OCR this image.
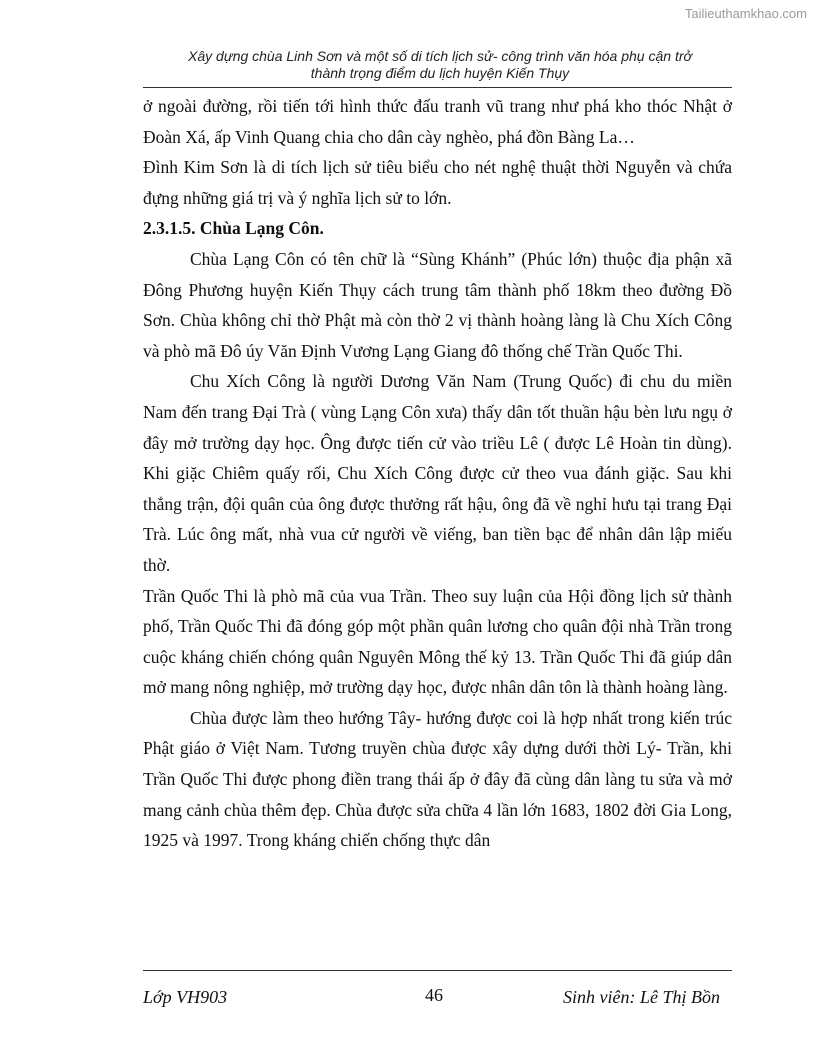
Tailieuthamkhao.com
Xây dựng chùa Linh Sơn và một số di tích lịch sử- công trình văn hóa phụ cận trở
thành trọng điểm du lịch huyện Kiến Thụy

ở ngoài đường, rồi tiến tới hình thức đấu tranh vũ trang như phá kho thóc Nhật ở Đoàn Xá, ấp Vinh Quang chia cho dân cày nghèo, phá đồn Bàng La…

Đình Kim Sơn là di tích lịch sử tiêu biểu cho nét nghệ thuật thời Nguyễn và chứa đựng những giá trị và ý nghĩa lịch sử to lớn.

2.3.1.5. Chùa Lạng Côn.

Chùa Lạng Côn có tên chữ là “Sùng Khánh” (Phúc lớn) thuộc địa phận xã Đông Phương huyện Kiến Thụy cách trung tâm thành phố 18km theo đường Đồ Sơn. Chùa không chỉ thờ Phật mà còn thờ 2 vị thành hoàng làng là Chu Xích Công và phò mã Đô úy Văn Định Vương Lạng Giang đô thống chế Trần Quốc Thi.

Chu Xích Công là người Dương Văn Nam (Trung Quốc) đi chu du miền Nam đến trang Đại Trà ( vùng Lạng Côn xưa) thấy dân tốt thuần hậu bèn lưu ngụ ở đây mở trường dạy học. Ông được tiến cử vào triều Lê ( được Lê Hoàn tin dùng). Khi giặc Chiêm quấy rối, Chu Xích Công được cử theo vua đánh giặc. Sau khi thắng trận, đội quân của ông được thưởng rất hậu, ông đã về nghỉ hưu tại trang Đại Trà. Lúc ông mất, nhà vua cử người về viếng, ban tiền bạc để nhân dân lập miếu thờ.

Trần Quốc Thi là phò mã của vua Trần. Theo suy luận của Hội đồng lịch sử thành phố, Trần Quốc Thi đã đóng góp một phần quân lương cho quân đội nhà Trần trong cuộc kháng chiến chóng quân Nguyên Mông thế kỷ 13. Trần Quốc Thi đã giúp dân mở mang nông nghiệp, mở trường dạy học, được nhân dân tôn là thành hoàng làng.

Chùa được làm theo hướng Tây- hướng được coi là hợp nhất trong kiến trúc Phật giáo ở Việt Nam. Tương truyền chùa được xây dựng dưới thời Lý- Trần, khi Trần Quốc Thi được phong điền trang thái ấp ở đây đã cùng dân làng tu sửa và mở mang cảnh chùa thêm đẹp. Chùa được sửa chữa 4 lần lớn 1683, 1802 đời Gia Long, 1925 và 1997. Trong kháng chiến chống thực dân

Lớp VH903	46	Sinh viên: Lê Thị Bồn
